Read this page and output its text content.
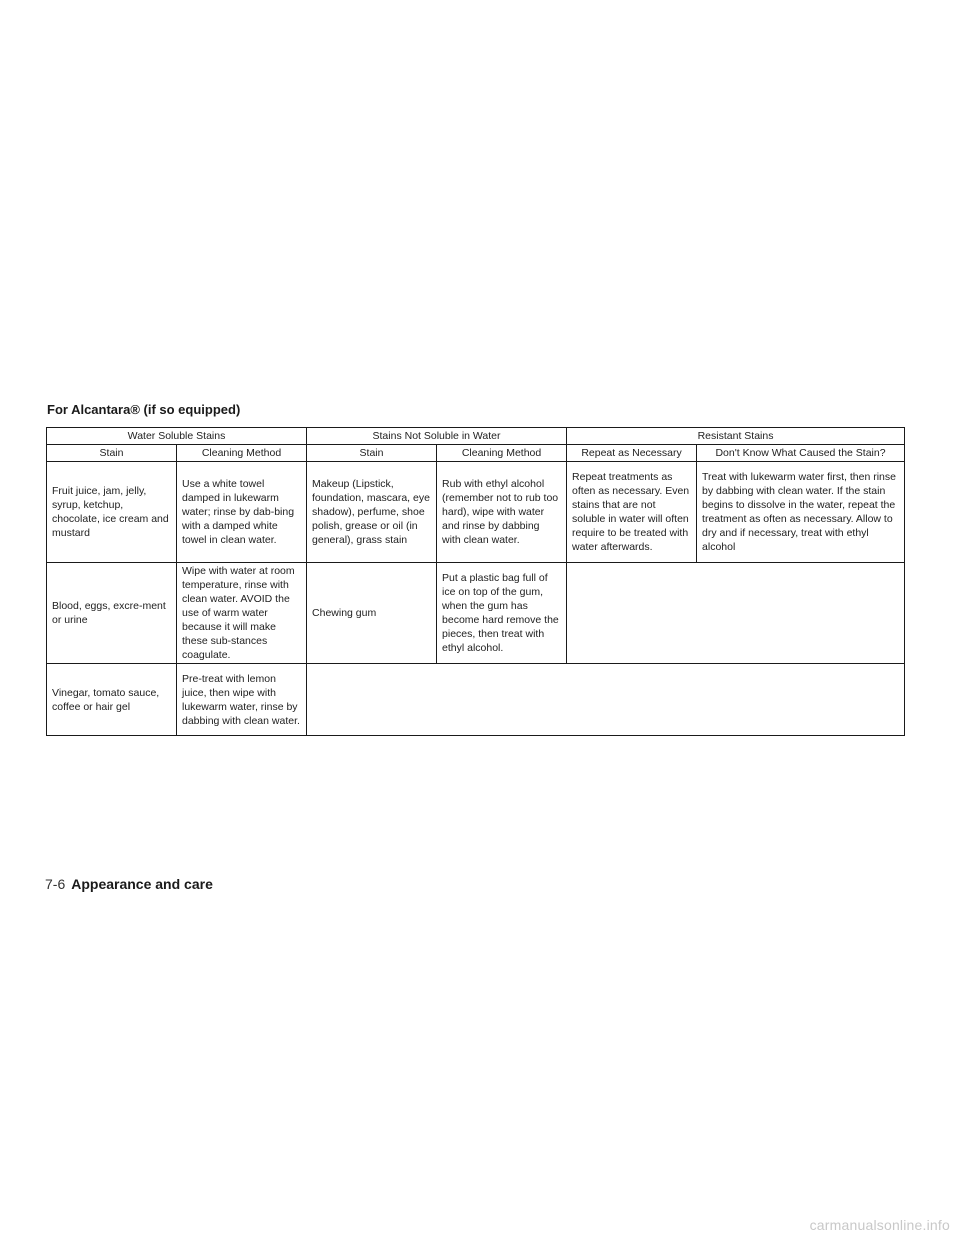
For Alcantara® (if so equipped)
Water Soluble Stains		Stains Not Soluble in Water		Resistant Stains	
Stain	Cleaning Method	Stain	Cleaning Method	Repeat as Necessary	Don't Know What Caused the Stain?
Fruit juice, jam, jelly, syrup, ketchup, chocolate, ice cream and mustard	Use a white towel damped in lukewarm water; rinse by dab-bing with a damped white towel in clean water.	Makeup (Lipstick, foundation, mascara, eye shadow), perfume, shoe polish, grease or oil (in general), grass stain	Rub with ethyl alcohol (remember not to rub too hard), wipe with water and rinse by dabbing with clean water.	Repeat treatments as often as necessary. Even stains that are not soluble in water will often require to be treated with water afterwards.	Treat with lukewarm water first, then rinse by dabbing with clean water. If the stain begins to dissolve in the water, repeat the treatment as often as necessary. Allow to dry and if necessary, treat with ethyl alcohol
Blood, eggs, excre-ment or urine	Wipe with water at room temperature, rinse with clean water. AVOID the use of warm water because it will make these sub-stances coagulate.	Chewing gum	Put a plastic bag full of ice on top of the gum, when the gum has become hard remove the pieces, then treat with ethyl alcohol.		
Vinegar, tomato sauce, coffee or hair gel	Pre-treat with lemon juice, then wipe with lukewarm water, rinse by dabbing with clean water.				
7-6 Appearance and care
carmanualsonline.info
